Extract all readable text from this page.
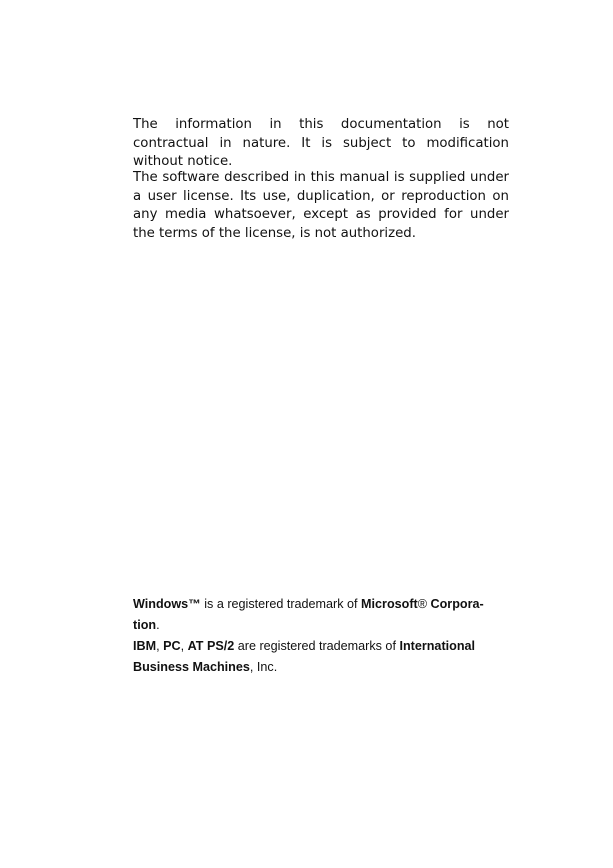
The information in this documentation is not contractual in nature. It is subject to modification without notice.

The software described in this manual is supplied under a user license. Its use, duplication, or reproduction on any media whatsoever, except as provided for under the terms of the license, is not authorized.

Windows™ is a registered trademark of Microsoft® Corpora-tion.

IBM, PC, AT PS/2 are registered trademarks of International Business Machines, Inc.
